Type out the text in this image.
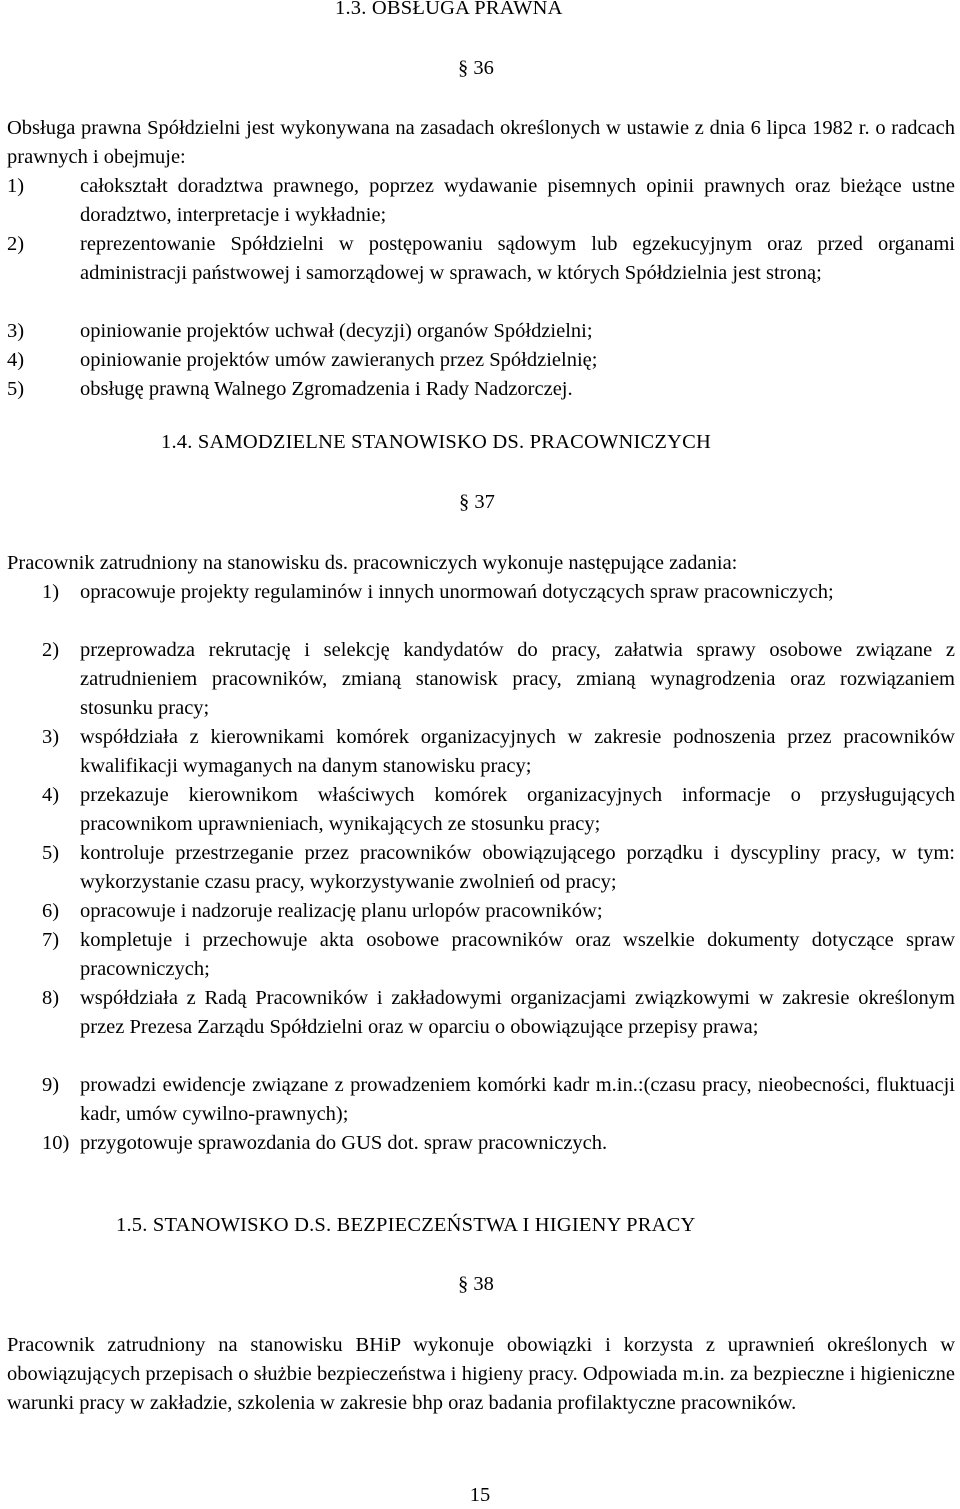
1.3. OBSŁUGA PRAWNA
§ 36
Obsługa prawna Spółdzielni jest wykonywana na zasadach określonych w ustawie z dnia 6 lipca 1982 r. o radcach prawnych i obejmuje:
1)	całokształt doradztwa prawnego, poprzez wydawanie pisemnych opinii prawnych oraz bieżące ustne doradztwo, interpretacje i wykładnie;
2)	reprezentowanie Spółdzielni w postępowaniu sądowym lub egzekucyjnym oraz przed organami administracji państwowej i samorządowej w sprawach, w których Spółdzielnia jest stroną;
3)	opiniowanie projektów uchwał (decyzji) organów Spółdzielni;
4)	opiniowanie projektów umów zawieranych przez Spółdzielnię;
5)	obsługę prawną Walnego Zgromadzenia i Rady Nadzorczej.
1.4. SAMODZIELNE STANOWISKO DS. PRACOWNICZYCH
§ 37
Pracownik zatrudniony na stanowisku ds. pracowniczych wykonuje następujące zadania:
1) opracowuje projekty regulaminów i innych unormowań dotyczących spraw pracowniczych;
2) przeprowadza rekrutację i selekcję kandydatów do pracy, załatwia sprawy osobowe związane z zatrudnieniem pracowników, zmianą stanowisk pracy, zmianą wynagrodzenia oraz rozwiązaniem stosunku pracy;
3) współdziała z kierownikami komórek organizacyjnych w zakresie podnoszenia przez pracowników kwalifikacji wymaganych na danym stanowisku pracy;
4) przekazuje kierownikom właściwych komórek organizacyjnych informacje o przysługujących pracownikom uprawnieniach, wynikających ze stosunku pracy;
5) kontroluje przestrzeganie przez pracowników obowiązującego porządku i dyscypliny pracy, w tym: wykorzystanie czasu pracy, wykorzystywanie zwolnień od pracy;
6) opracowuje i nadzoruje realizację planu urlopów pracowników;
7) kompletuje i przechowuje akta osobowe pracowników oraz wszelkie dokumenty dotyczące spraw pracowniczych;
8) współdziała z Radą Pracowników i zakładowymi organizacjami związkowymi w zakresie określonym przez Prezesa Zarządu Spółdzielni oraz w oparciu o obowiązujące przepisy prawa;
9) prowadzi ewidencje związane z prowadzeniem komórki kadr m.in.:(czasu pracy, nieobecności, fluktuacji kadr, umów cywilno-prawnych);
10) przygotowuje sprawozdania do GUS dot. spraw pracowniczych.
1.5. STANOWISKO D.S. BEZPIECZEŃSTWA I HIGIENY PRACY
§ 38
Pracownik zatrudniony na stanowisku BHiP wykonuje obowiązki i korzysta z uprawnień określonych w obowiązujących przepisach o służbie bezpieczeństwa i higieny pracy. Odpowiada m.in. za bezpieczne i higieniczne warunki pracy w zakładzie, szkolenia w zakresie bhp oraz badania profilaktyczne pracowników.
15
